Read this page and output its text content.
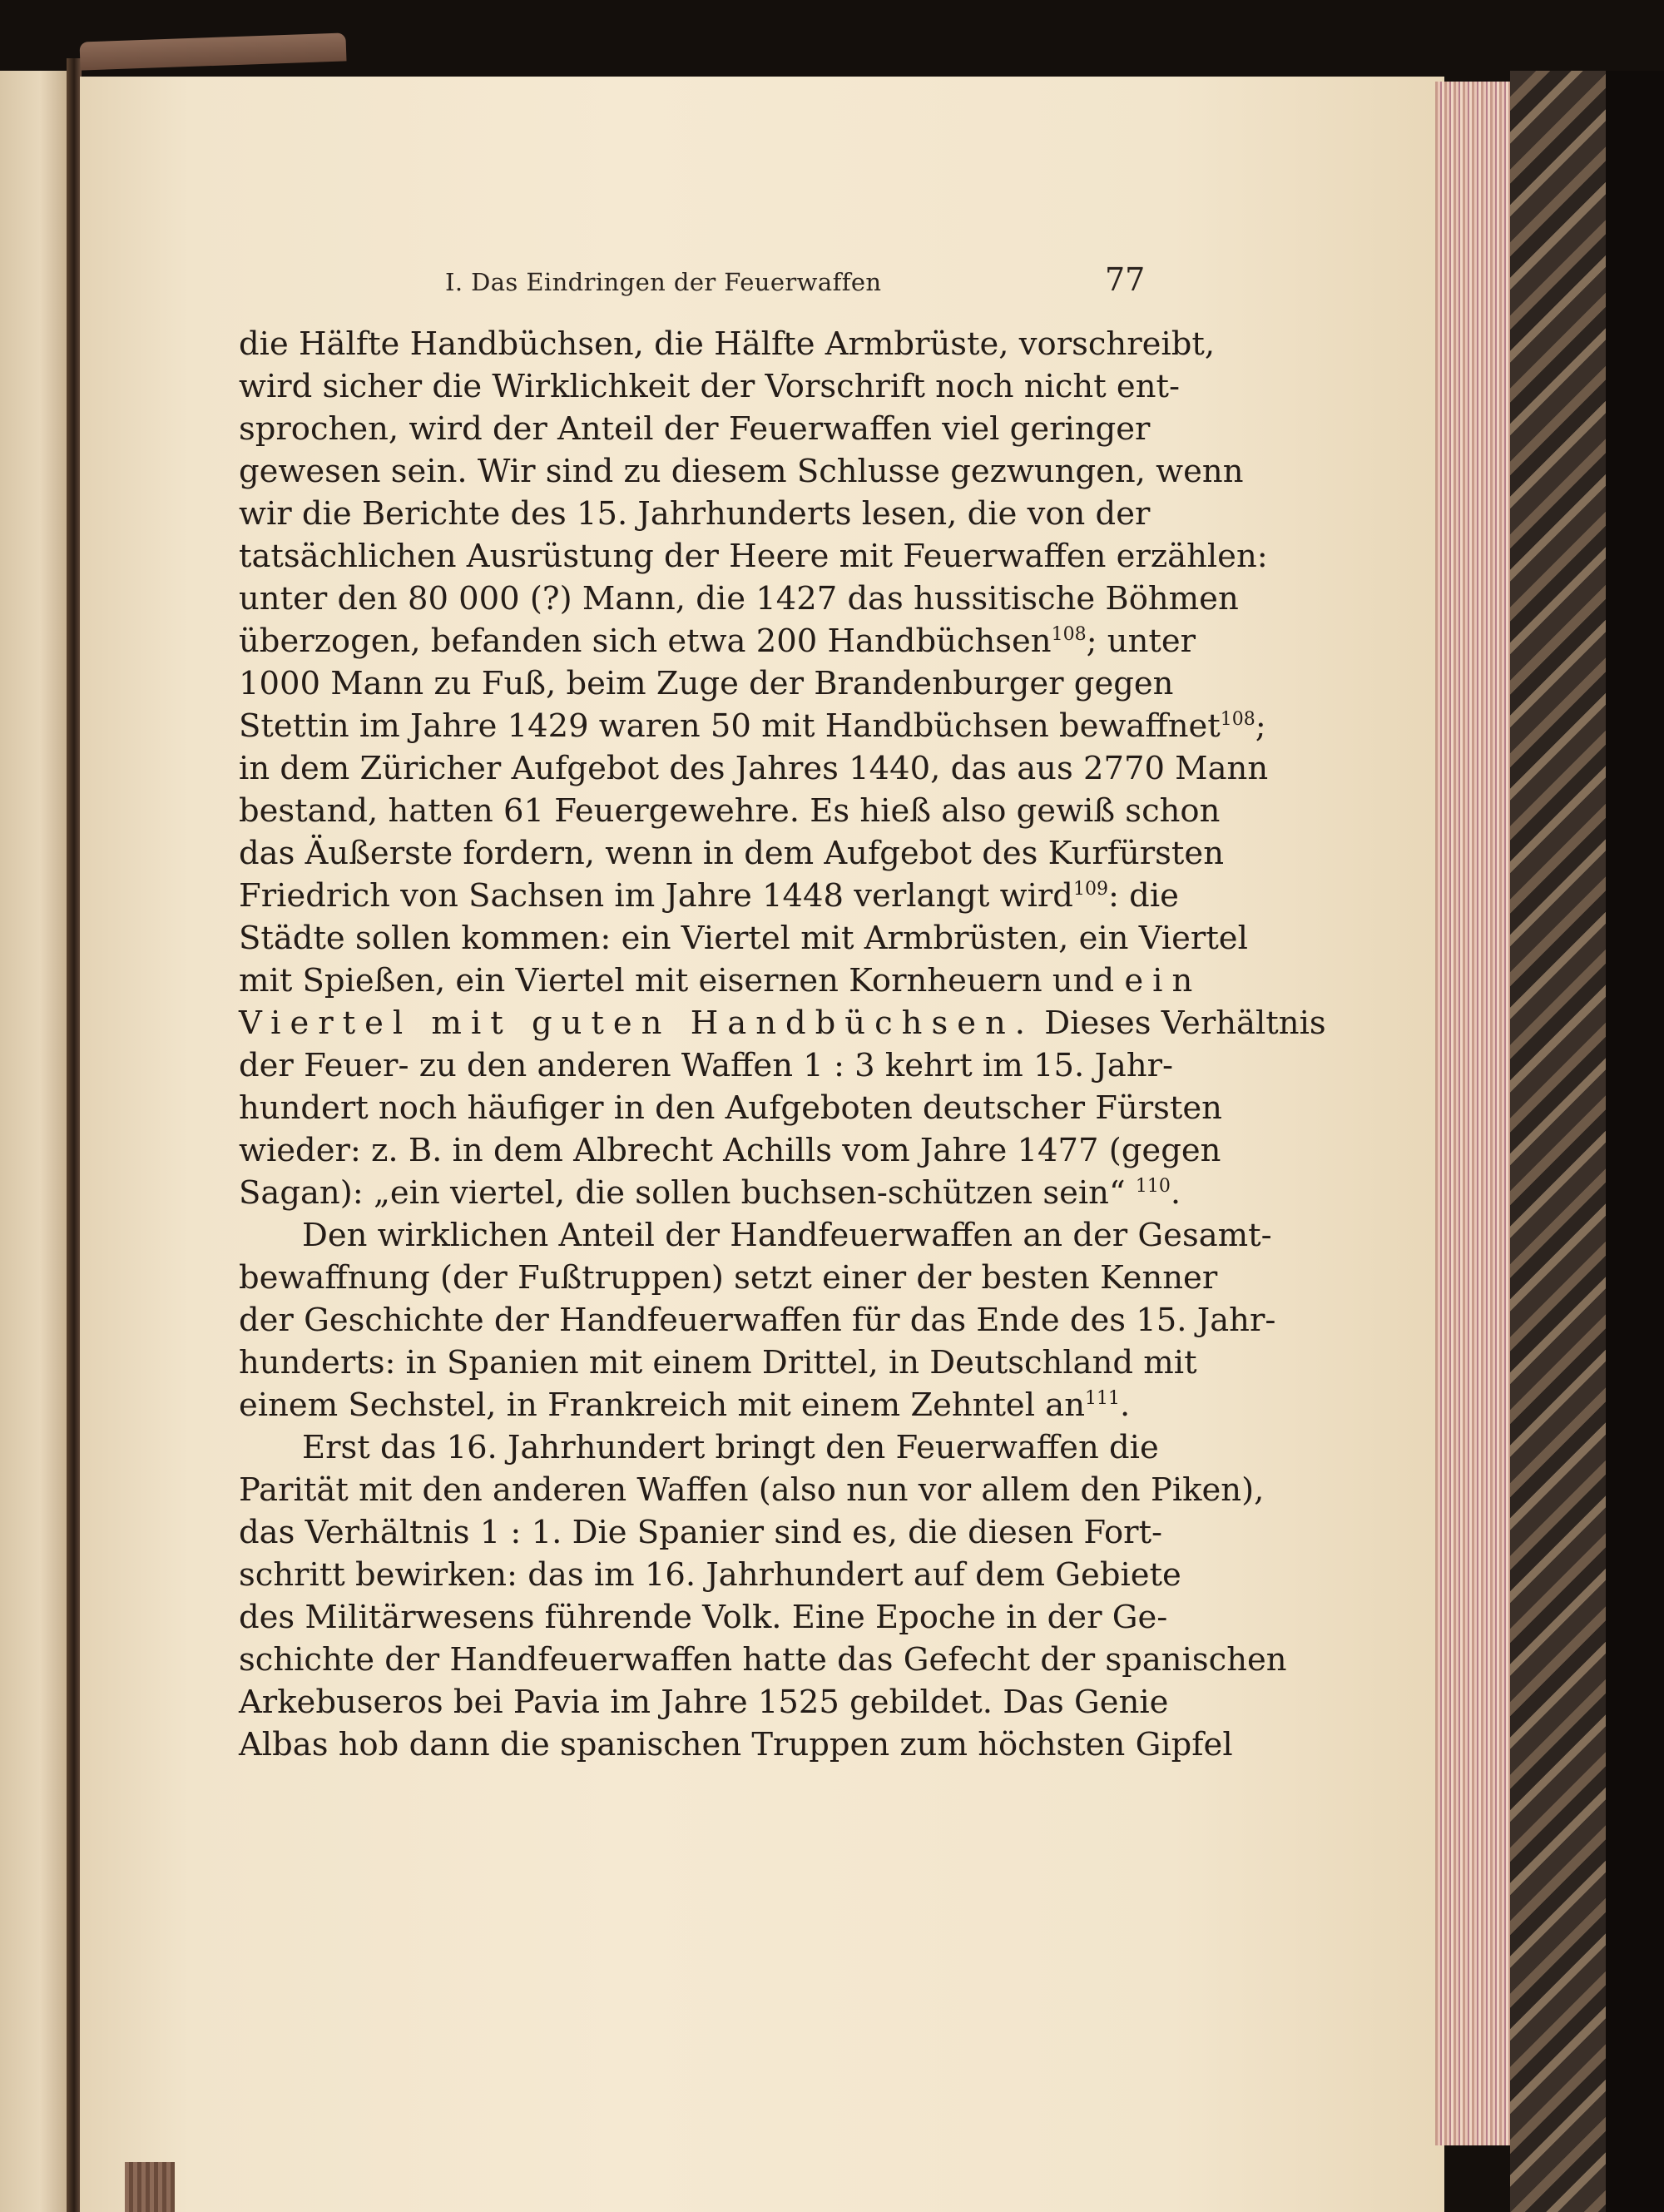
I. Das Eindringen der Feuerwaffen	77
die Hälfte Handbüchsen, die Hälfte Armbrüste, vorschreibt,
wird sicher die Wirklichkeit der Vorschrift noch nicht ent-
sprochen, wird der Anteil der Feuerwaffen viel geringer
gewesen sein. Wir sind zu diesem Schlusse gezwungen, wenn
wir die Berichte des 15. Jahrhunderts lesen, die von der
tatsächlichen Ausrüstung der Heere mit Feuerwaffen erzählen:
unter den 80 000 (?) Mann, die 1427 das hussitische Böhmen
überzogen, befanden sich etwa 200 Handbüchsen$^{108}$; unter
1000 Mann zu Fuß, beim Zuge der Brandenburger gegen
Stettin im Jahre 1429 waren 50 mit Handbüchsen bewaffnet$^{108}$;
in dem Züricher Aufgebot des Jahres 1440, das aus 2770 Mann
bestand, hatten 61 Feuergewehre. Es hieß also gewiß schon
das Äußerste fordern, wenn in dem Aufgebot des Kurfürsten
Friedrich von Sachsen im Jahre 1448 verlangt wird$^{109}$: die
Städte sollen kommen: ein Viertel mit Armbrüsten, ein Viertel
mit Spießen, ein Viertel mit eisernen Kornheuern und ein
Viertel mit guten Handbüchsen. Dieses Verhältnis
der Feuer- zu den anderen Waffen 1 : 3 kehrt im 15. Jahr-
hundert noch häufiger in den Aufgeboten deutscher Fürsten
wieder: z. B. in dem Albrecht Achills vom Jahre 1477 (gegen
Sagan): „ein viertel, die sollen buchsen-schützen sein“ $^{110}$.
Den wirklichen Anteil der Handfeuerwaffen an der Gesamt-
bewaffnung (der Fußtruppen) setzt einer der besten Kenner
der Geschichte der Handfeuerwaffen für das Ende des 15. Jahr-
hunderts: in Spanien mit einem Drittel, in Deutschland mit
einem Sechstel, in Frankreich mit einem Zehntel $an^{111}$.
Erst das 16. Jahrhundert bringt den Feuerwaffen die
Parität mit den anderen Waffen (also nun vor allem den Piken),
das Verhältnis 1 : 1. Die Spanier sind es, die diesen Fort-
schritt bewirken: das im 16. Jahrhundert auf dem Gebiete
des Militärwesens führende Volk. Eine Epoche in der Ge-
schichte der Handfeuerwaffen hatte das Gefecht der spanischen
Arkebuseros bei Pavia im Jahre 1525 gebildet. Das Genie
Albas hob dann die spanischen Truppen zum höchsten Gipfel
